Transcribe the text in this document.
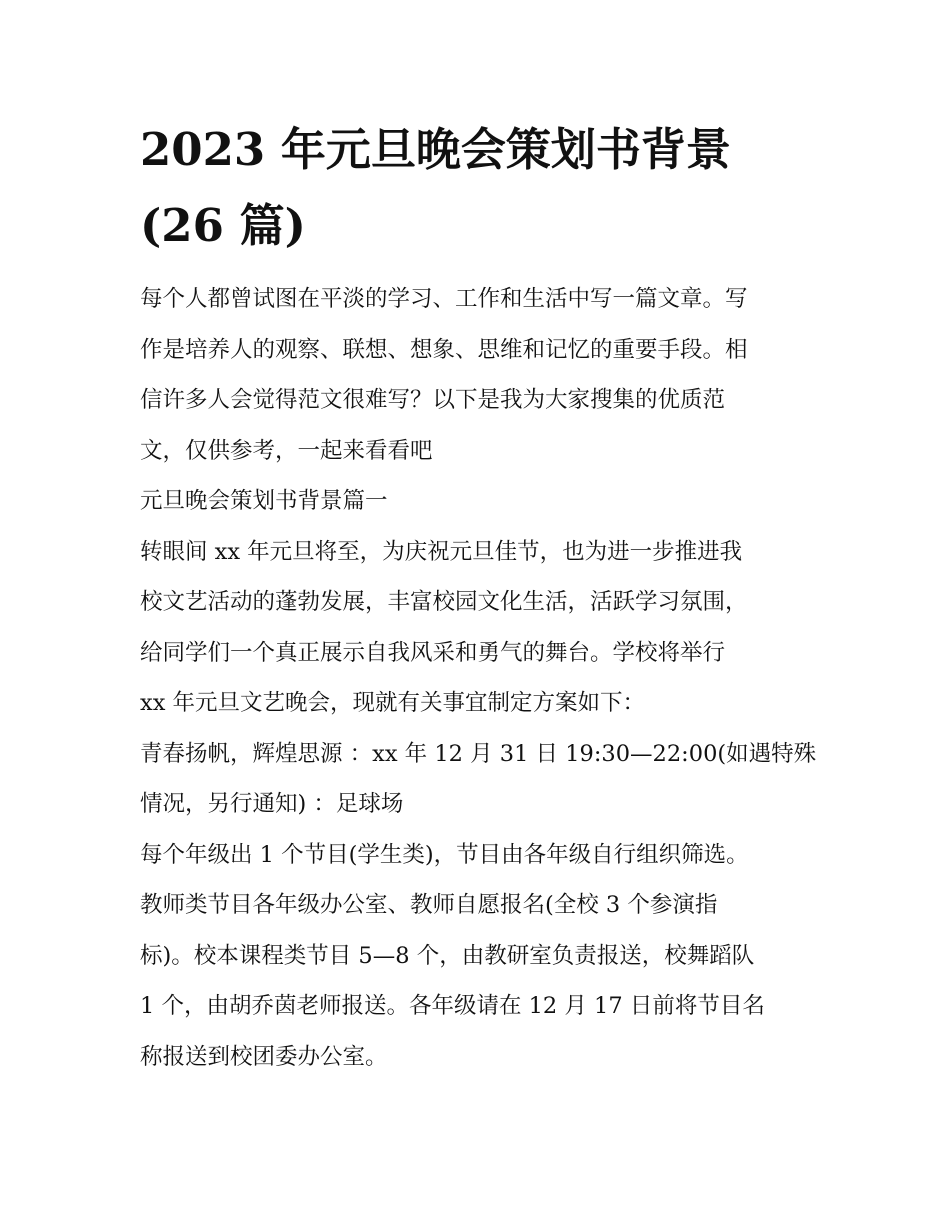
2023 年元旦晚会策划书背景
(26 篇)
每个人都曾试图在平淡的学习、工作和生活中写一篇文章。写
作是培养人的观察、联想、想象、思维和记忆的重要手段。相
信许多人会觉得范文很难写？以下是我为大家搜集的优质范
文，仅供参考，一起来看看吧
元旦晚会策划书背景篇一
转眼间 xx 年元旦将至，为庆祝元旦佳节，也为进一步推进我
校文艺活动的蓬勃发展，丰富校园文化生活，活跃学习氛围，
给同学们一个真正展示自我风采和勇气的舞台。学校将举行
xx 年元旦文艺晚会，现就有关事宜制定方案如下：
青春扬帆，辉煌思源 ：xx 年 12 月 31 日 19:30—22:00(如遇特殊
情况，另行通知) ：足球场
每个年级出 1 个节目(学生类)，节目由各年级自行组织筛选。
教师类节目各年级办公室、教师自愿报名(全校 3 个参演指
标)。校本课程类节目 5—8 个，由教研室负责报送，校舞蹈队
1 个，由胡乔茵老师报送。各年级请在 12 月 17 日前将节目名
称报送到校团委办公室。
